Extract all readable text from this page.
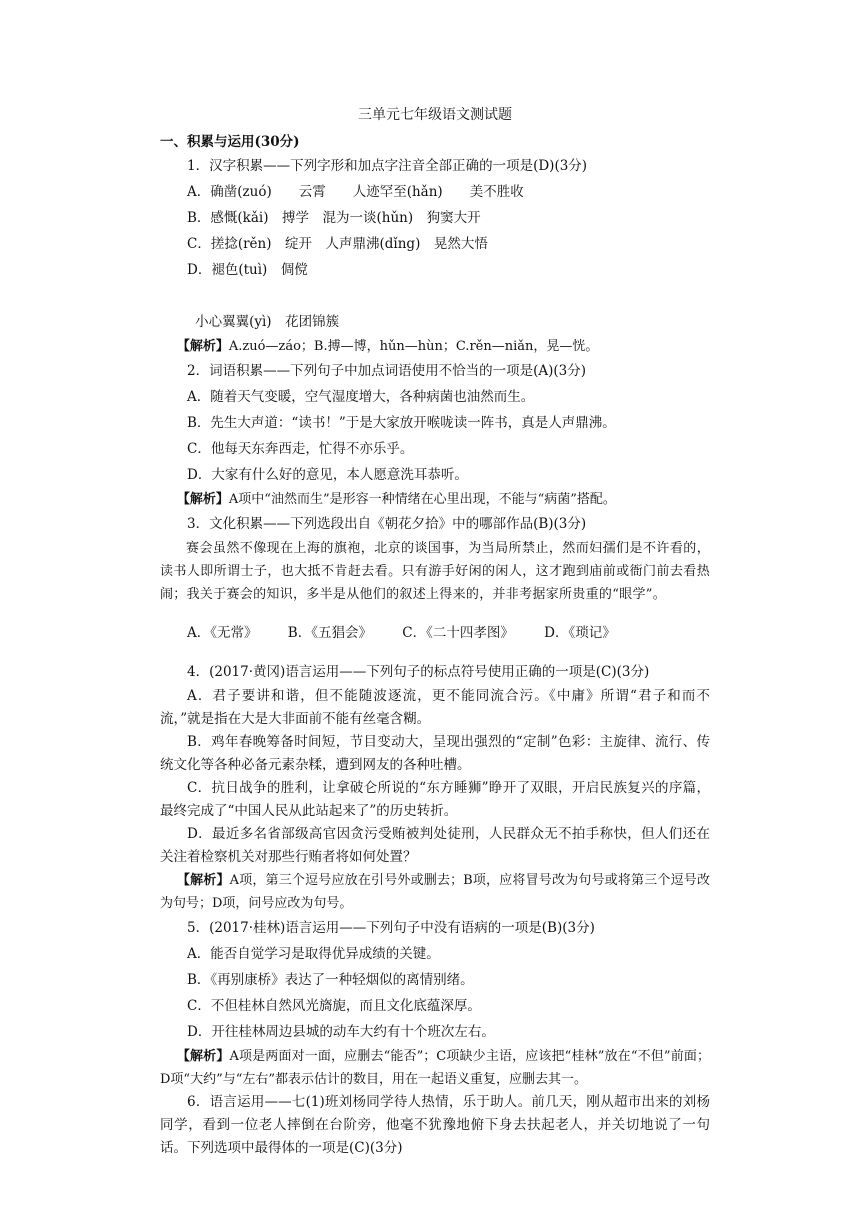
三单元七年级语文测试题

一、积累与运用(30分)

1．汉字积累——下列字形和加点字注音全部正确的一项是(D)(3分)

A．确凿(zuó)　　云霄　　人迹罕至(hǎn)　　美不胜收

B．感慨(kǎi)　搏学　混为一谈(hǔn)　狗窦大开

C．搓捻(rěn)　绽开　人声鼎沸(dǐng)　晃然大悟

D．褪色(tuì)　倜傥

小心翼翼(yì)　花团锦簇

【解析】A.zuó—záo；B.搏—博，hǔn—hùn；C.rěn—niǎn，晃—恍。

2．词语积累——下列句子中加点词语使用不恰当的一项是(A)(3分)

A．随着天气变暖，空气湿度增大，各种病菌也油然而生。

B．先生大声道：“读书！”于是大家放开喉咙读一阵书，真是人声鼎沸。

C．他每天东奔西走，忙得不亦乐乎。

D．大家有什么好的意见，本人愿意洗耳恭听。

【解析】A项中“油然而生”是形容一种情绪在心里出现，不能与“病菌”搭配。

3．文化积累——下列选段出自《朝花夕拾》中的哪部作品(B)(3分)

赛会虽然不像现在上海的旗袍，北京的谈国事，为当局所禁止，然而妇孺们是不许看的，读书人即所谓士子，也大抵不肯赶去看。只有游手好闲的闲人，这才跑到庙前或衙门前去看热闹；我关于赛会的知识，多半是从他们的叙述上得来的，并非考据家所贵重的“眼学”。

A．《无常》 B．《五猖会》 C．《二十四孝图》 D．《琐记》

4．(2017·黄冈)语言运用——下列句子的标点符号使用正确的一项是(C)(3分)

A．君子要讲和谐，但不能随波逐流，更不能同流合污。《中庸》所谓“君子和而不流，”就是指在大是大非面前不能有丝毫含糊。

B．鸡年春晚筹备时间短，节目变动大，呈现出强烈的“定制”色彩：主旋律、流行、传统文化等各种必备元素杂糅，遭到网友的各种吐槽。

C．抗日战争的胜利，让拿破仑所说的“东方睡狮”睁开了双眼，开启民族复兴的序篇，最终完成了“中国人民从此站起来了”的历史转折。

D．最近多名省部级高官因贪污受贿被判处徒刑，人民群众无不拍手称快，但人们还在关注着检察机关对那些行贿者将如何处置？

【解析】A项，第三个逗号应放在引号外或删去；B项，应将冒号改为句号或将第三个逗号改为句号；D项，问号应改为句号。

5．(2017·桂林)语言运用——下列句子中没有语病的一项是(B)(3分)

A．能否自觉学习是取得优异成绩的关键。

B．《再别康桥》表达了一种轻烟似的离情别绪。

C．不但桂林自然风光旖旎，而且文化底蕴深厚。

D．开往桂林周边县城的动车大约有十个班次左右。

【解析】A项是两面对一面，应删去“能否”；C项缺少主语，应该把“桂林”放在“不但”前面；D项“大约”与“左右”都表示估计的数目，用在一起语义重复，应删去其一。

6．语言运用——七(1)班刘杨同学待人热情，乐于助人。前几天，刚从超市出来的刘杨同学，看到一位老人摔倒在台阶旁，他毫不犹豫地俯下身去扶起老人，并关切地说了一句话。下列选项中最得体的一项是(C)(3分)
